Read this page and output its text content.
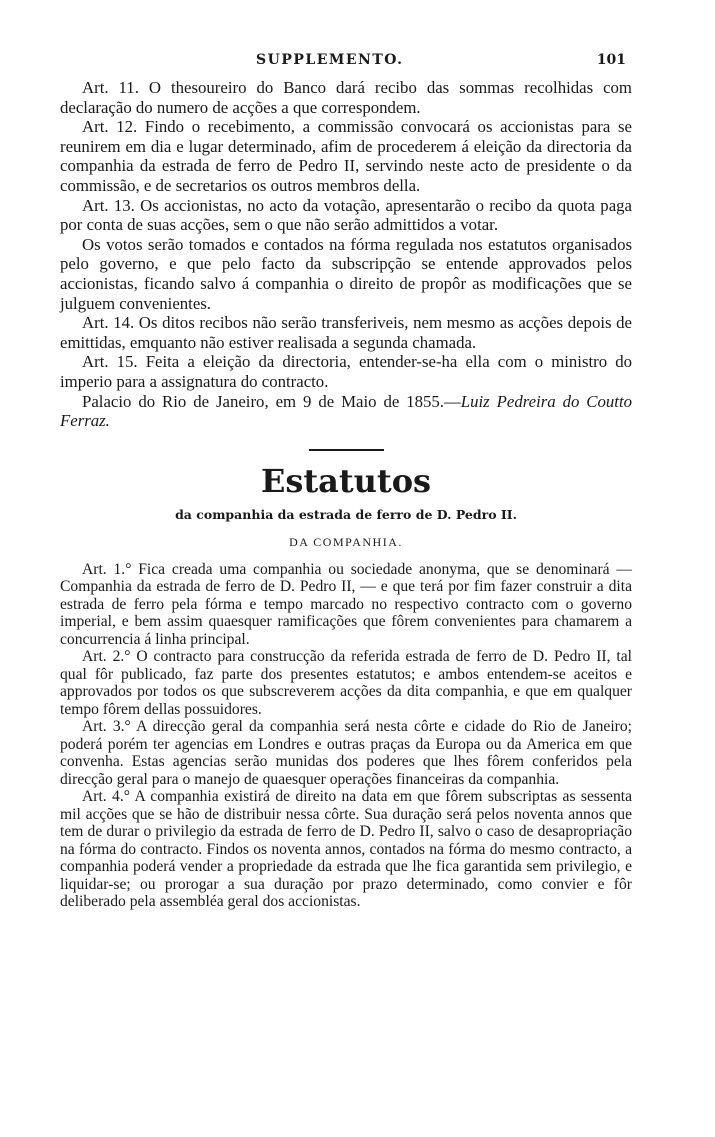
SUPPLEMENTO.	101

Art. 11. O thesoureiro do Banco dará recibo das sommas recolhidas com declaração do numero de acções a que correspondem.

Art. 12. Findo o recebimento, a commissão convocará os accionistas para se reunirem em dia e lugar determinado, afim de procederem á eleição da directoria da companhia da estrada de ferro de Pedro II, servindo neste acto de presidente o da commissão, e de secretarios os outros membros della.

Art. 13. Os accionistas, no acto da votação, apresentarão o recibo da quota paga por conta de suas acções, sem o que não serão admittidos a votar.

Os votos serão tomados e contados na fórma regulada nos estatutos organisados pelo governo, e que pelo facto da subscripção se entende approvados pelos accionistas, ficando salvo á companhia o direito de propôr as modificações que se julguem convenientes.

Art. 14. Os ditos recibos não serão transferiveis, nem mesmo as acções depois de emittidas, emquanto não estiver realisada a segunda chamada.

Art. 15. Feita a eleição da directoria, entender-se-ha ella com o ministro do imperio para a assignatura do contracto.

Palacio do Rio de Janeiro, em 9 de Maio de 1855.—Luiz Pedreira do Coutto Ferraz.

Estatutos
da companhia da estrada de ferro de D. Pedro II.
DA COMPANHIA.

Art. 1.° Fica creada uma companhia ou sociedade anonyma, que se denominará — Companhia da estrada de ferro de D. Pedro II, — e que terá por fim fazer construir a dita estrada de ferro pela fórma e tempo marcado no respectivo contracto com o governo imperial, e bem assim quaesquer ramificações que fôrem convenientes para chamarem a concurrencia á linha principal.

Art. 2.° O contracto para construcção da referida estrada de ferro de D. Pedro II, tal qual fôr publicado, faz parte dos presentes estatutos; e ambos entendem-se aceitos e approvados por todos os que subscreverem acções da dita companhia, e que em qualquer tempo fôrem dellas possuidores.

Art. 3.° A direcção geral da companhia será nesta côrte e cidade do Rio de Janeiro; poderá porém ter agencias em Londres e outras praças da Europa ou da America em que convenha. Estas agencias serão munidas dos poderes que lhes fôrem conferidos pela direcção geral para o manejo de quaesquer operações financeiras da companhia.

Art. 4.° A companhia existirá de direito na data em que fôrem subscriptas as sessenta mil acções que se hão de distribuir nessa côrte. Sua duração será pelos noventa annos que tem de durar o privilegio da estrada de ferro de D. Pedro II, salvo o caso de desapropriação na fórma do contracto. Findos os noventa annos, contados na fórma do mesmo contracto, a companhia poderá vender a propriedade da estrada que lhe fica garantida sem privilegio, e liquidar-se; ou prorogar a sua duração por prazo determinado, como convier e fôr deliberado pela assembléa geral dos accionistas.
